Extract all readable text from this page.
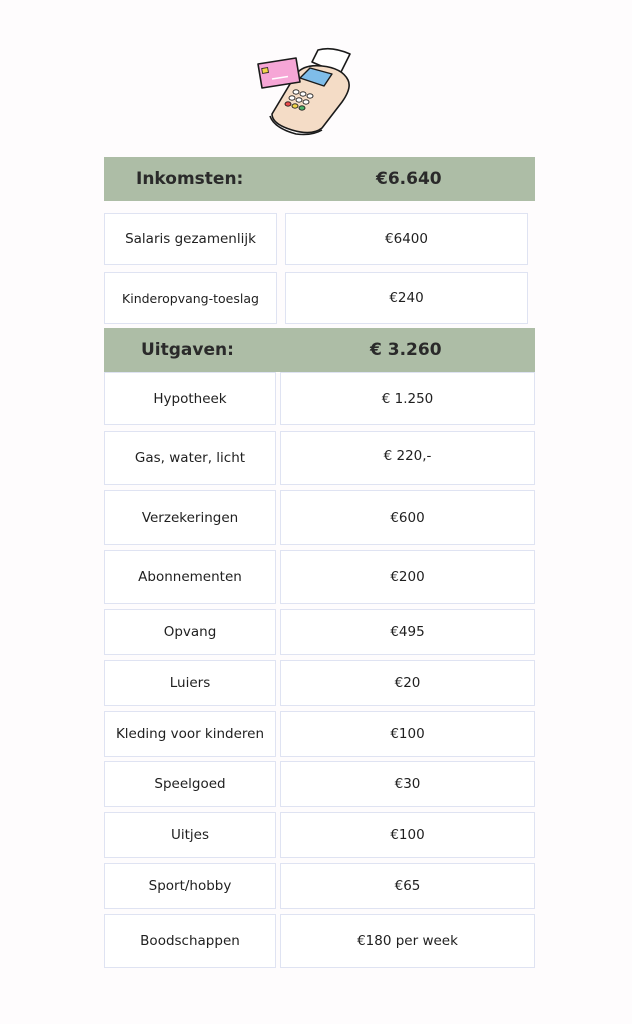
Inkomsten:	€6.640
Salaris gezamenlijk	€6400
Kinderopvang-toeslag	€240
Uitgaven:	€ 3.260
Hypotheek	€ 1.250
Gas, water, licht	€ 220,-
Verzekeringen	€600
Abonnementen	€200
Opvang	€495
Luiers	€20
Kleding voor kinderen	€100
Speelgoed	€30
Uitjes	€100
Sport/hobby	€65
Boodschappen	€180 per week
